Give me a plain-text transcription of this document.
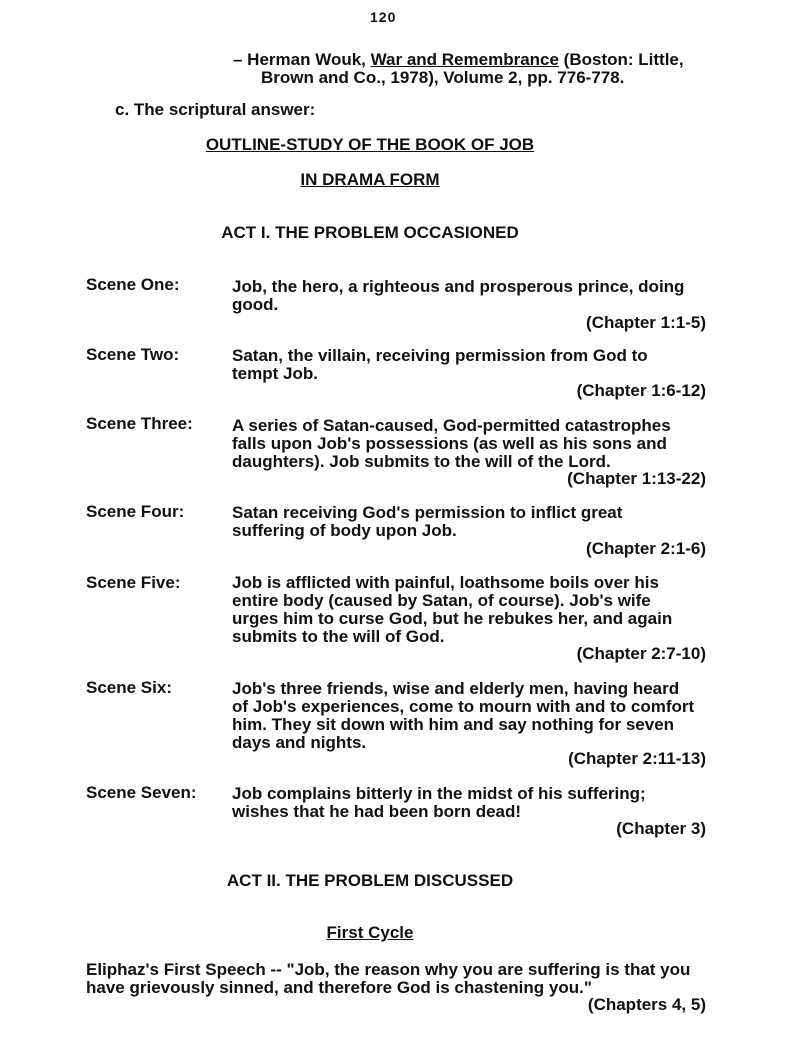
120
– Herman Wouk, War and Remembrance (Boston: Little,
Brown and Co., 1978), Volume 2, pp. 776-778.
c. The scriptural answer:
OUTLINE-STUDY OF THE BOOK OF JOB
IN DRAMA FORM
ACT I. THE PROBLEM OCCASIONED
Scene One:	Job, the hero, a righteous and prosperous prince, doing
good.
(Chapter 1:1-5)
Scene Two:	Satan, the villain, receiving permission from God to
tempt Job.
(Chapter 1:6-12)
Scene Three: A series of Satan-caused, God-permitted catastrophes
falls upon Job's possessions (as well as his sons and
daughters). Job submits to the will of the Lord.
(Chapter 1:13-22)
Scene Four:	Satan receiving God's permission to inflict great
suffering of body upon Job.
(Chapter 2:1-6)
Scene Five:	Job is afflicted with painful, loathsome boils over his
entire body (caused by Satan, of course). Job's wife
urges him to curse God, but he rebukes her, and again
submits to the will of God.
(Chapter 2:7-10)
Scene Six:	Job's three friends, wise and elderly men, having heard
of Job's experiences, come to mourn with and to comfort
him. They sit down with him and say nothing for seven
days and nights.
(Chapter 2:11-13)
Scene Seven: Job complains bitterly in the midst of his suffering;
wishes that he had been born dead!
(Chapter 3)
ACT II. THE PROBLEM DISCUSSED
First Cycle
Eliphaz's First Speech -- "Job, the reason why you are suffering is that you
have grievously sinned, and therefore God is chastening you."
(Chapters 4, 5)
